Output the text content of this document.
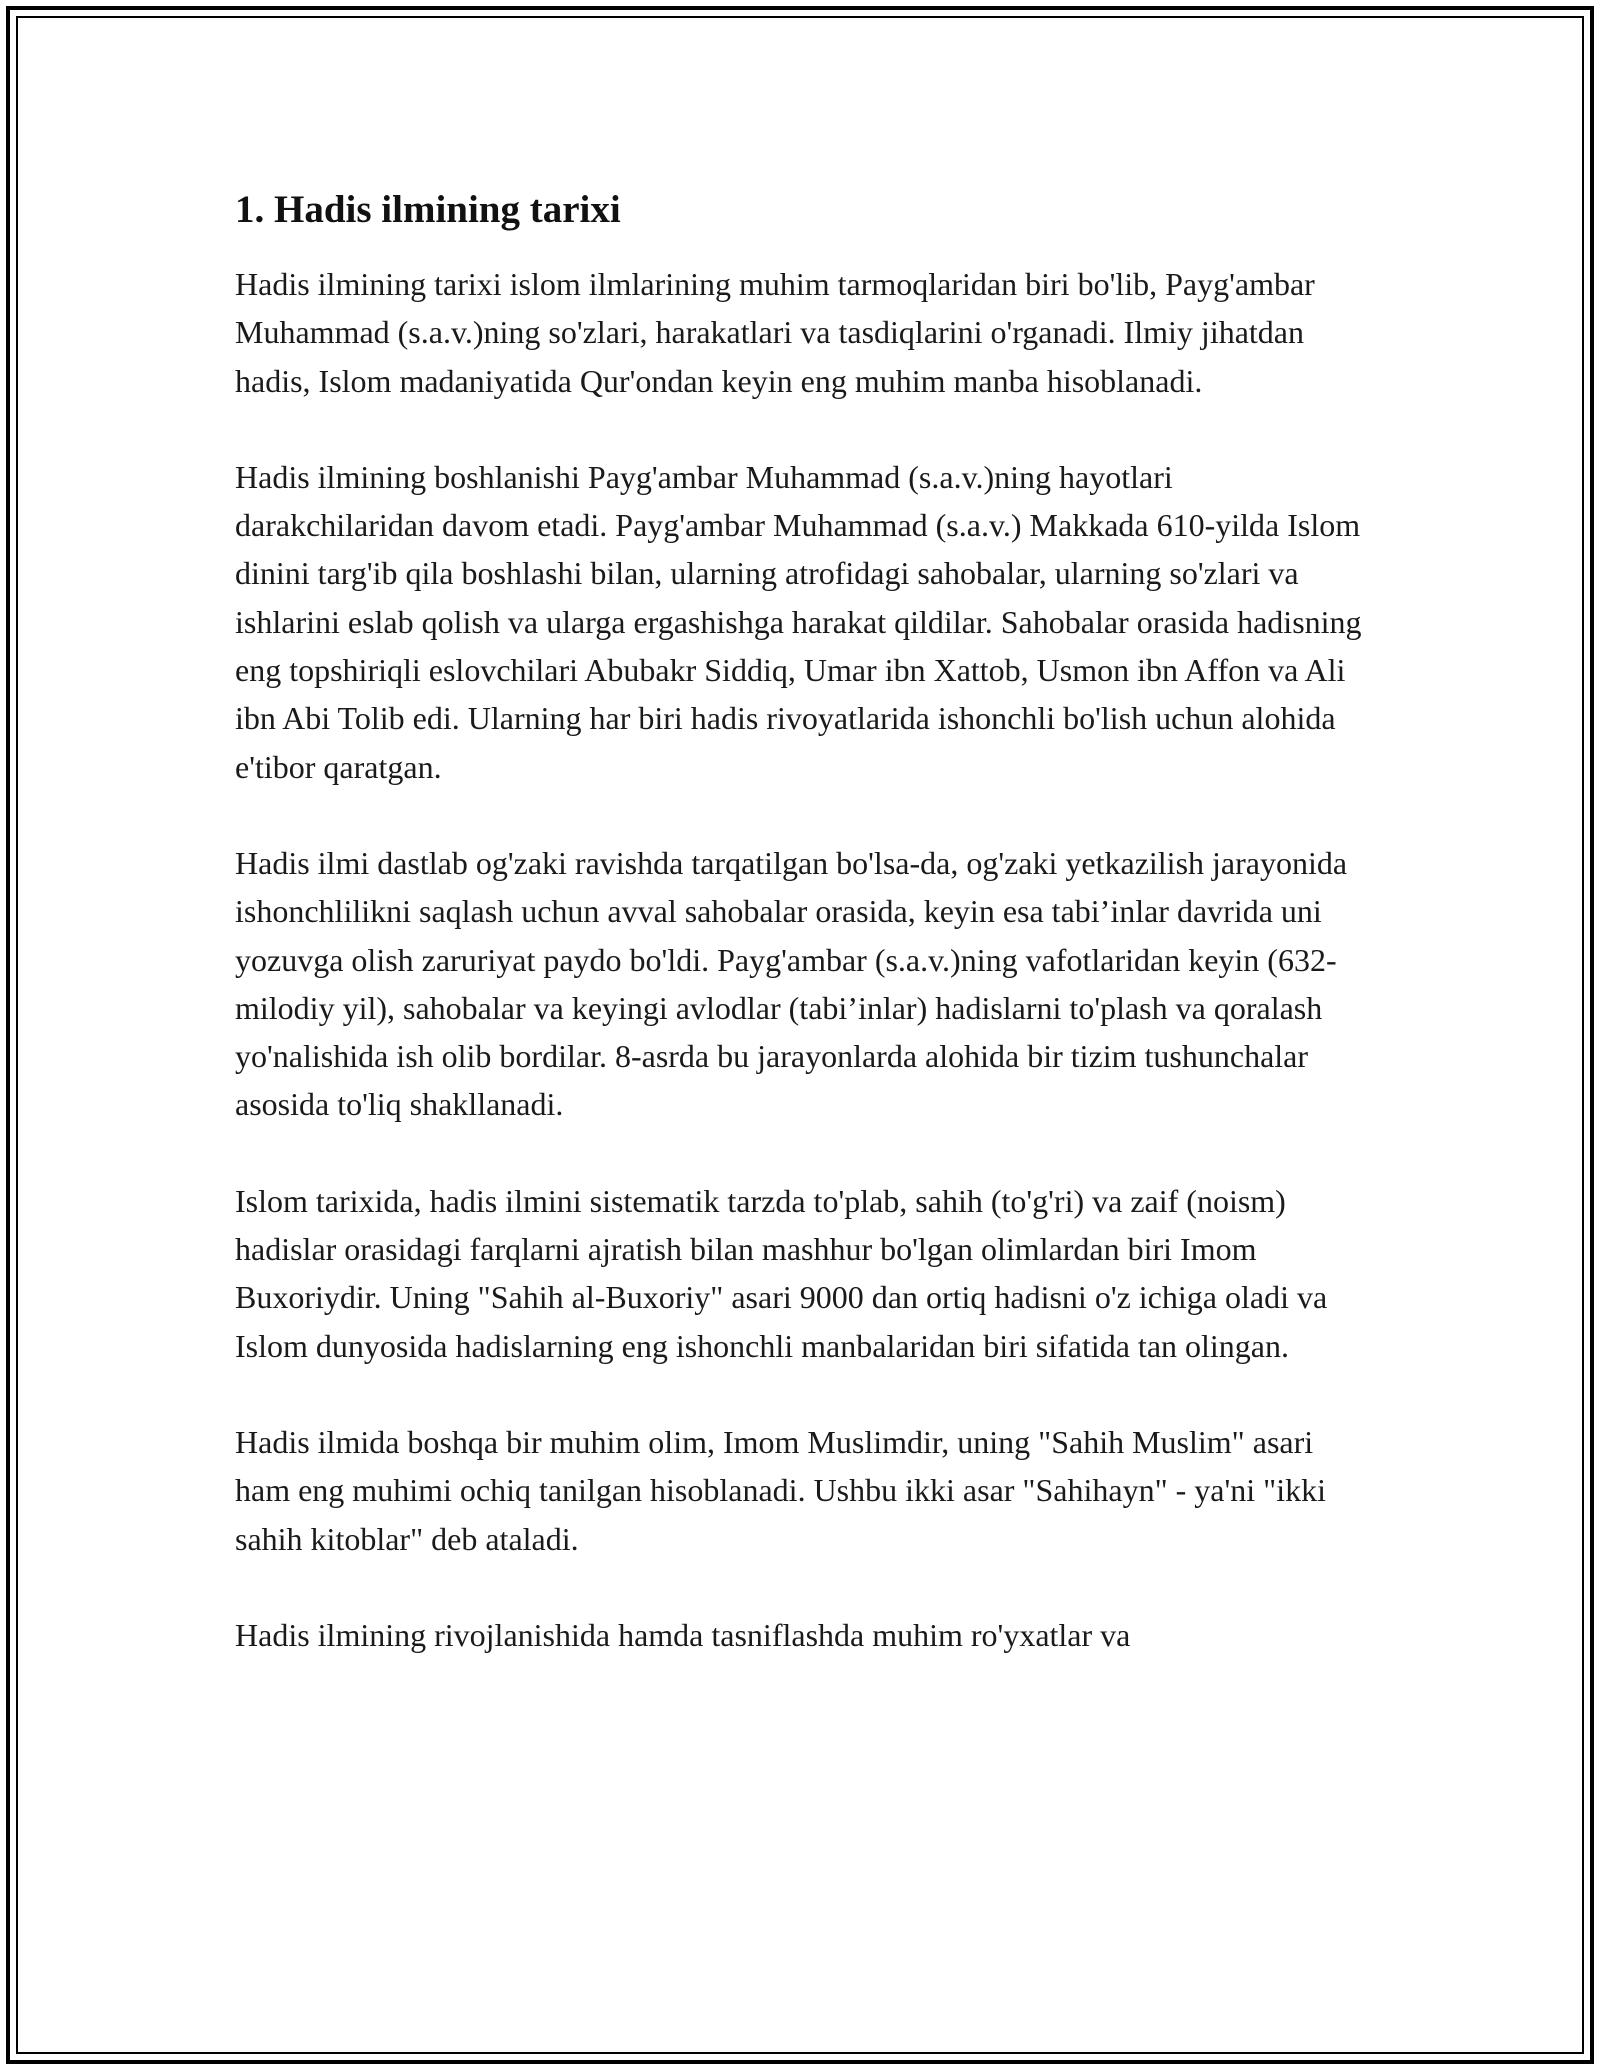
1. Hadis ilmining tarixi

Hadis ilmining tarixi islom ilmlarining muhim tarmoqlaridan biri bo'lib, Payg'ambar Muhammad (s.a.v.)ning so'zlari, harakatlari va tasdiqlarini o'rganadi. Ilmiy jihatdan hadis, Islom madaniyatida Qur'ondan keyin eng muhim manba hisoblanadi.

Hadis ilmining boshlanishi Payg'ambar Muhammad (s.a.v.)ning hayotlari darakchilaridan davom etadi. Payg'ambar Muhammad (s.a.v.) Makkada 610-yilda Islom dinini targ'ib qila boshlashi bilan, ularning atrofidagi sahobalar, ularning so'zlari va ishlarini eslab qolish va ularga ergashishga harakat qildilar. Sahobalar orasida hadisning eng topshiriqli eslovchilari Abubakr Siddiq, Umar ibn Xattob, Usmon ibn Affon va Ali ibn Abi Tolib edi. Ularning har biri hadis rivoyatlarida ishonchli bo'lish uchun alohida e'tibor qaratgan.

Hadis ilmi dastlab og'zaki ravishda tarqatilgan bo'lsa-da, og'zaki yetkazilish jarayonida ishonchlilikni saqlash uchun avval sahobalar orasida, keyin esa tabi’inlar davrida uni yozuvga olish zaruriyat paydo bo'ldi. Payg'ambar (s.a.v.)ning vafotlaridan keyin (632-milodiy yil), sahobalar va keyingi avlodlar (tabi’inlar) hadislarni to'plash va qoralash yo'nalishida ish olib bordilar. 8-asrda bu jarayonlarda alohida bir tizim tushunchalar asosida to'liq shakllanadi.

Islom tarixida, hadis ilmini sistematik tarzda to'plab, sahih (to'g'ri) va zaif (noism) hadislar orasidagi farqlarni ajratish bilan mashhur bo'lgan olimlardan biri Imom Buxoriydir. Uning "Sahih al-Buxoriy" asari 9000 dan ortiq hadisni o'z ichiga oladi va Islom dunyosida hadislarning eng ishonchli manbalaridan biri sifatida tan olingan.

Hadis ilmida boshqa bir muhim olim, Imom Muslimdir, uning "Sahih Muslim" asari ham eng muhimi ochiq tanilgan hisoblanadi. Ushbu ikki asar "Sahihayn" - ya'ni "ikki sahih kitoblar" deb ataladi.

Hadis ilmining rivojlanishida hamda tasniflashda muhim ro'yxatlar va
